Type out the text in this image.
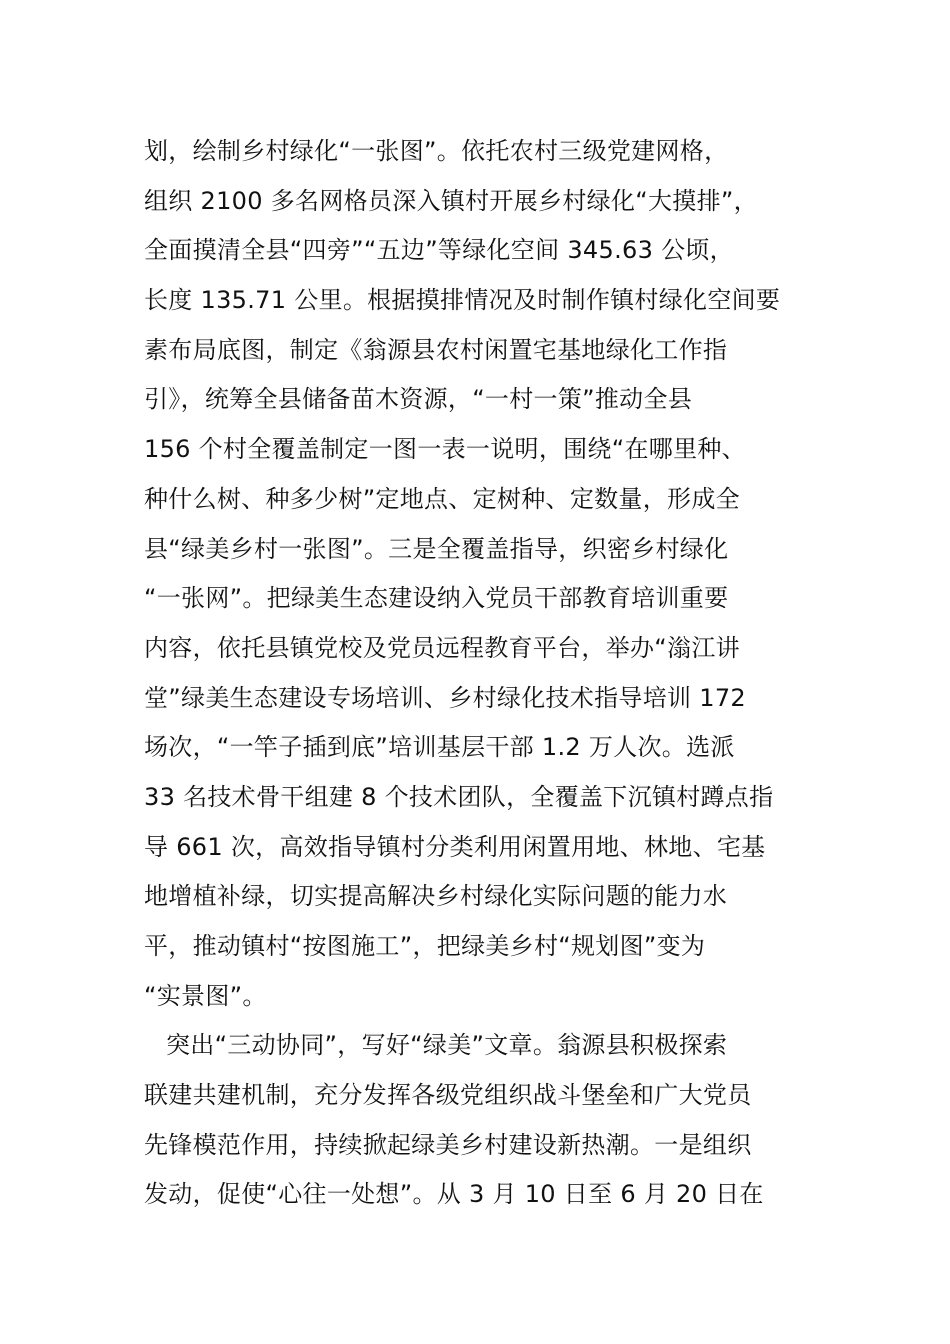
划，绘制乡村绿化“一张图”。依托农村三级党建网格，
组织 2100 多名网格员深入镇村开展乡村绿化“大摸排”，
全面摸清全县“四旁”“五边”等绿化空间 345.63 公顷，
长度 135.71 公里。根据摸排情况及时制作镇村绿化空间要
素布局底图，制定《翁源县农村闲置宅基地绿化工作指
引》，统筹全县储备苗木资源，“一村一策”推动全县
156 个村全覆盖制定一图一表一说明，围绕“在哪里种、
种什么树、种多少树”定地点、定树种、定数量，形成全
县“绿美乡村一张图”。三是全覆盖指导，织密乡村绿化
“一张网”。把绿美生态建设纳入党员干部教育培训重要
内容，依托县镇党校及党员远程教育平台，举办“滃江讲
堂”绿美生态建设专场培训、乡村绿化技术指导培训 172
场次，“一竿子插到底”培训基层干部 1.2 万人次。选派
33 名技术骨干组建 8 个技术团队，全覆盖下沉镇村蹲点指
导 661 次，高效指导镇村分类利用闲置用地、林地、宅基
地增植补绿，切实提高解决乡村绿化实际问题的能力水
平，推动镇村“按图施工”，把绿美乡村“规划图”变为
“实景图”。
突出“三动协同”，写好“绿美”文章。翁源县积极探索
联建共建机制，充分发挥各级党组织战斗堡垒和广大党员
先锋模范作用，持续掀起绿美乡村建设新热潮。一是组织
发动，促使“心往一处想”。从 3 月 10 日至 6 月 20 日在
